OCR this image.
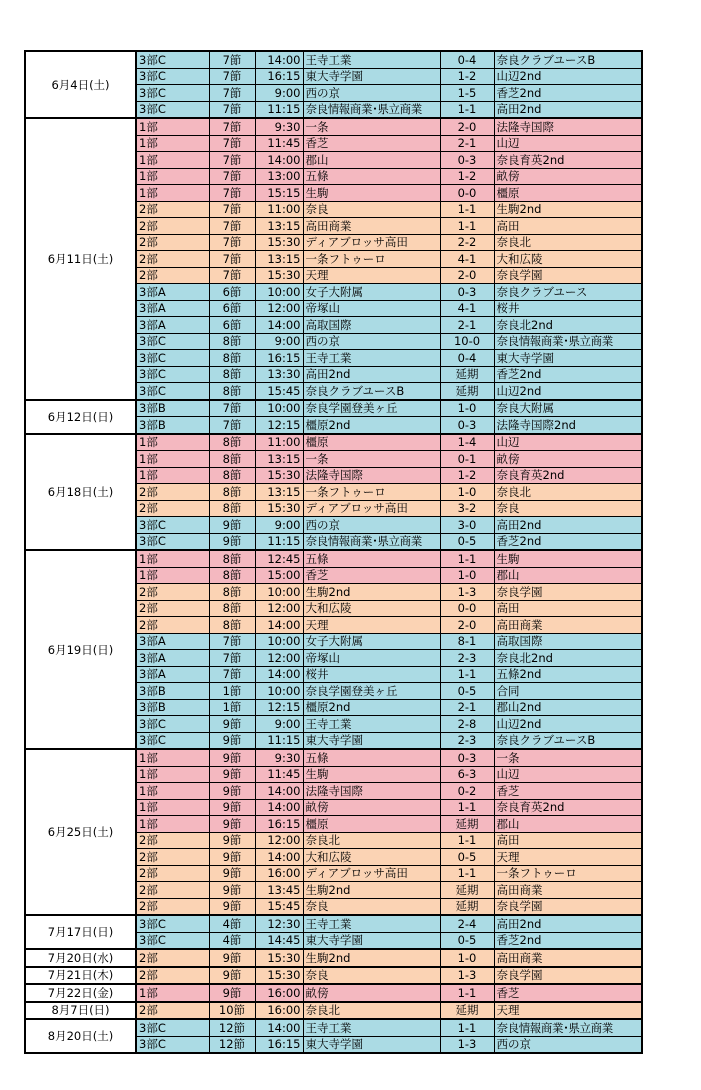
6月4日(土)	3部C	7節	14:00	王寺工業	0-4	奈良クラブユースB
	3部C	7節	16:15	東大寺学園	1-2	山辺2nd
	3部C	7節	9:00	西の京	1-5	香芝2nd
	3部C	7節	11:15	奈良情報商業･県立商業	1-1	高田2nd
6月11日(土)	1部	7節	9:30	一条	2-0	法隆寺国際
	1部	7節	11:45	香芝	2-1	山辺
	1部	7節	14:00	郡山	0-3	奈良育英2nd
	1部	7節	13:00	五條	1-2	畝傍
	1部	7節	15:15	生駒	0-0	橿原
	2部	7節	11:00	奈良	1-1	生駒2nd
	2部	7節	13:15	高田商業	1-1	高田
	2部	7節	15:30	ディアブロッサ高田	2-2	奈良北
	2部	7節	13:15	一条フトゥーロ	4-1	大和広陵
	2部	7節	15:30	天理	2-0	奈良学園
	3部A	6節	10:00	女子大附属	0-3	奈良クラブユース
	3部A	6節	12:00	帝塚山	4-1	桜井
	3部A	6節	14:00	高取国際	2-1	奈良北2nd
	3部C	8節	9:00	西の京	10-0	奈良情報商業･県立商業
	3部C	8節	16:15	王寺工業	0-4	東大寺学園
	3部C	8節	13:30	高田2nd	延期	香芝2nd
	3部C	8節	15:45	奈良クラブユースB	延期	山辺2nd
6月12日(日)	3部B	7節	10:00	奈良学園登美ヶ丘	1-0	奈良大附属
	3部B	7節	12:15	橿原2nd	0-3	法隆寺国際2nd
6月18日(土)	1部	8節	11:00	橿原	1-4	山辺
	1部	8節	13:15	一条	0-1	畝傍
	1部	8節	15:30	法隆寺国際	1-2	奈良育英2nd
	2部	8節	13:15	一条フトゥーロ	1-0	奈良北
	2部	8節	15:30	ディアブロッサ高田	3-2	奈良
	3部C	9節	9:00	西の京	3-0	高田2nd
	3部C	9節	11:15	奈良情報商業･県立商業	0-5	香芝2nd
6月19日(日)	1部	8節	12:45	五條	1-1	生駒
	1部	8節	15:00	香芝	1-0	郡山
	2部	8節	10:00	生駒2nd	1-3	奈良学園
	2部	8節	12:00	大和広陵	0-0	高田
	2部	8節	14:00	天理	2-0	高田商業
	3部A	7節	10:00	女子大附属	8-1	高取国際
	3部A	7節	12:00	帝塚山	2-3	奈良北2nd
	3部A	7節	14:00	桜井	1-1	五條2nd
	3部B	1節	10:00	奈良学園登美ヶ丘	0-5	合同
	3部B	1節	12:15	橿原2nd	2-1	郡山2nd
	3部C	9節	9:00	王寺工業	2-8	山辺2nd
	3部C	9節	11:15	東大寺学園	2-3	奈良クラブユースB
6月25日(土)	1部	9節	9:30	五條	0-3	一条
	1部	9節	11:45	生駒	6-3	山辺
	1部	9節	14:00	法隆寺国際	0-2	香芝
	1部	9節	14:00	畝傍	1-1	奈良育英2nd
	1部	9節	16:15	橿原	延期	郡山
	2部	9節	12:00	奈良北	1-1	高田
	2部	9節	14:00	大和広陵	0-5	天理
	2部	9節	16:00	ディアブロッサ高田	1-1	一条フトゥーロ
	2部	9節	13:45	生駒2nd	延期	高田商業
	2部	9節	15:45	奈良	延期	奈良学園
7月17日(日)	3部C	4節	12:30	王寺工業	2-4	高田2nd
	3部C	4節	14:45	東大寺学園	0-5	香芝2nd
7月20日(水)	2部	9節	15:30	生駒2nd	1-0	高田商業
7月21日(木)	2部	9節	15:30	奈良	1-3	奈良学園
7月22日(金)	1部	9節	16:00	畝傍	1-1	香芝
8月7日(日)	2部	10節	16:00	奈良北	延期	天理
8月20日(土)	3部C	12節	14:00	王寺工業	1-1	奈良情報商業･県立商業
	3部C	12節	16:15	東大寺学園	1-3	西の京
